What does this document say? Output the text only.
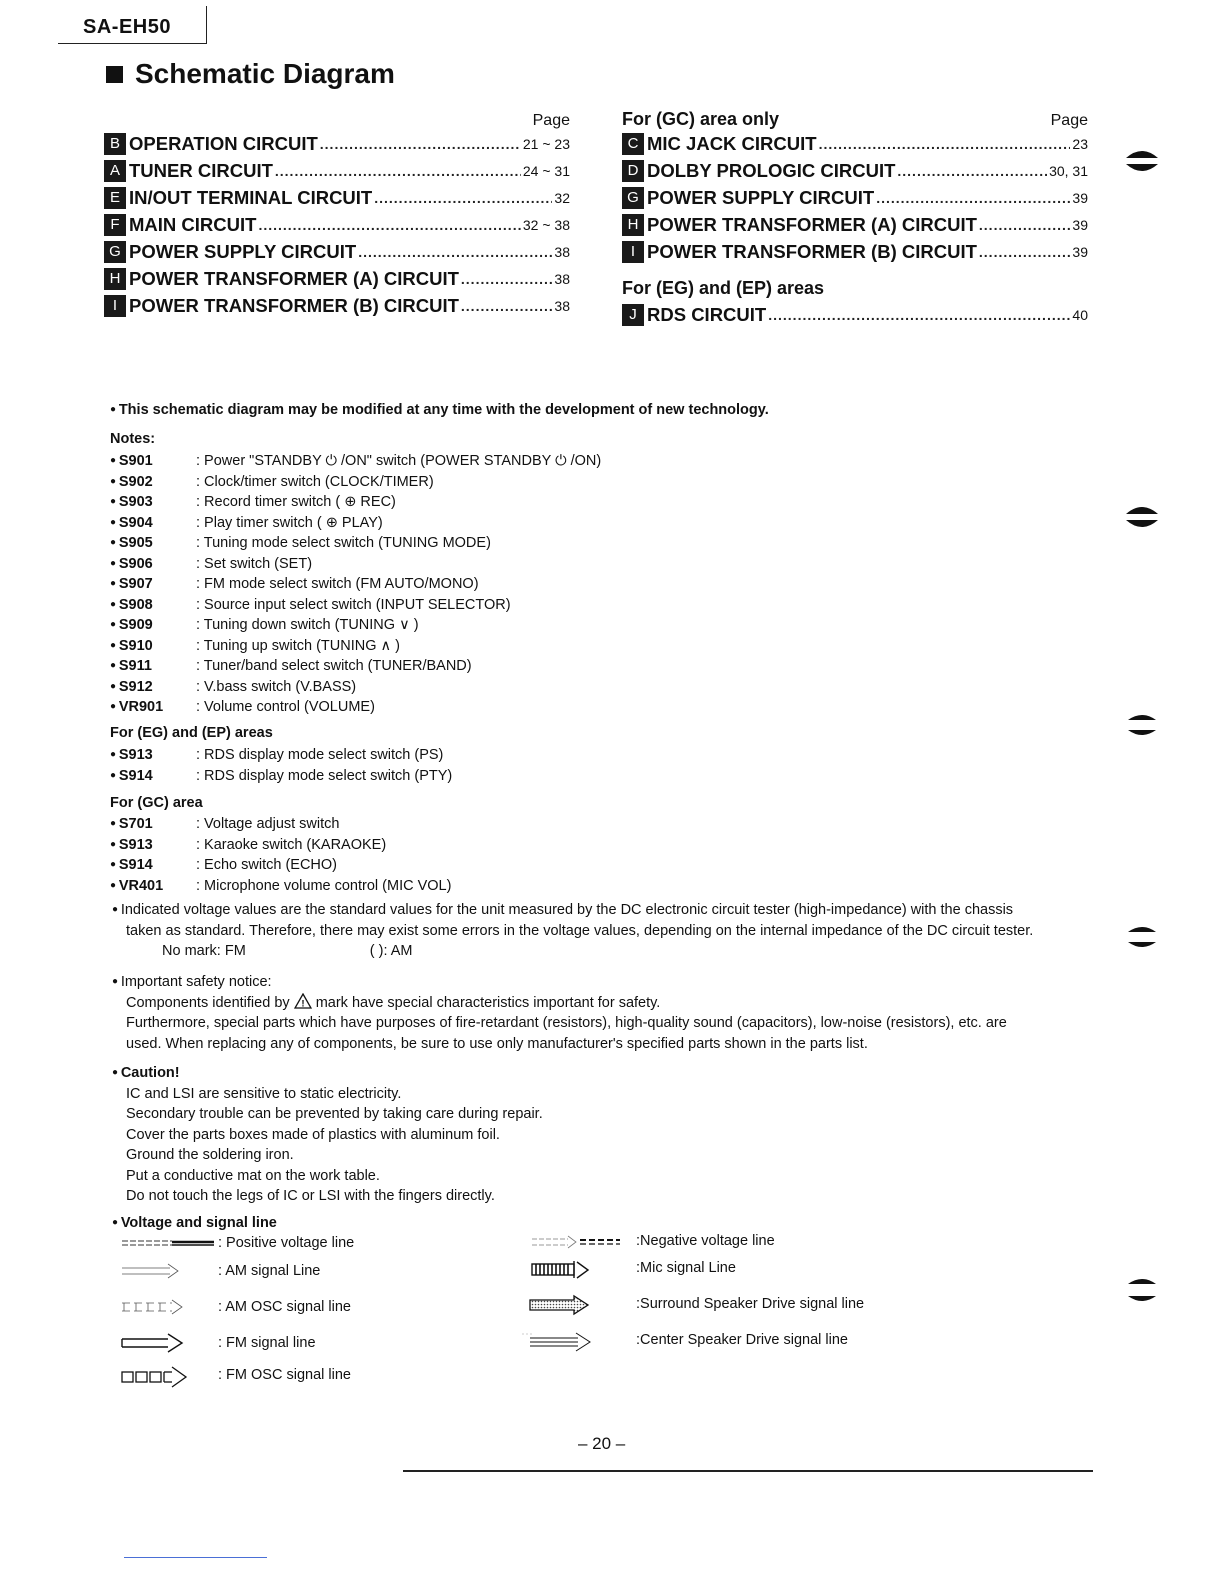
SA-EH50
Schematic Diagram
Page
B OPERATION CIRCUIT .....	21 ~ 23
A TUNER CIRCUIT .....	24 ~ 31
E IN/OUT TERMINAL CIRCUIT .....	32
F MAIN CIRCUIT .....	32 ~ 38
G POWER SUPPLY CIRCUIT .....	38
H POWER TRANSFORMER (A) CIRCUIT .....	38
I POWER TRANSFORMER (B) CIRCUIT .....	38
For (GC) area only	Page
C MIC JACK CIRCUIT .....	23
D DOLBY PROLOGIC CIRCUIT .....	30, 31
G POWER SUPPLY CIRCUIT .....	39
H POWER TRANSFORMER (A) CIRCUIT .....	39
I POWER TRANSFORMER (B) CIRCUIT .....	39
For (EG) and (EP) areas
J RDS CIRCUIT .....	40
● This schematic diagram may be modified at any time with the development of new technology.
Notes:
● S901	: Power "STANDBY ⏻ /ON" switch (POWER STANDBY ⏻ /ON)
● S902	: Clock/timer switch (CLOCK/TIMER)
● S903	: Record timer switch ( ⊕ REC)
● S904	: Play timer switch ( ⊕ PLAY)
● S905	: Tuning mode select switch (TUNING MODE)
● S906	: Set switch (SET)
● S907	: FM mode select switch (FM AUTO/MONO)
● S908	: Source input select switch (INPUT SELECTOR)
● S909	: Tuning down switch (TUNING ∨ )
● S910	: Tuning up switch (TUNING ∧ )
● S911	: Tuner/band select switch (TUNER/BAND)
● S912	: V.bass switch (V.BASS)
● VR901	: Volume control (VOLUME)
For (EG) and (EP) areas
● S913	: RDS display mode select switch (PS)
● S914	: RDS display mode select switch (PTY)
For (GC) area
● S701	: Voltage adjust switch
● S913	: Karaoke switch (KARAOKE)
● S914	: Echo switch (ECHO)
● VR401	: Microphone volume control (MIC VOL)
● Indicated voltage values are the standard values for the unit measured by the DC electronic circuit tester (high-impedance) with the chassis
taken as standard. Therefore, there may exist some errors in the voltage values, depending on the internal impedance of the DC circuit tester.
No mark: FM	( ): AM
● Important safety notice:
Components identified by ! mark have special characteristics important for safety.
Furthermore, special parts which have purposes of fire-retardant (resistors), high-quality sound (capacitors), low-noise (resistors), etc. are
used. When replacing any of components, be sure to use only manufacturer's specified parts shown in the parts list.
● Caution!
IC and LSI are sensitive to static electricity.
Secondary trouble can be prevented by taking care during repair.
Cover the parts boxes made of plastics with aluminum foil.
Ground the soldering iron.
Put a conductive mat on the work table.
Do not touch the legs of IC or LSI with the fingers directly.
● Voltage and signal line
: Positive voltage line
: AM signal Line
: AM OSC signal line
: FM signal line
: FM OSC signal line
:Negative voltage line
:Mic signal Line
:Surround Speaker Drive signal line
:Center Speaker Drive signal line
– 20 –
